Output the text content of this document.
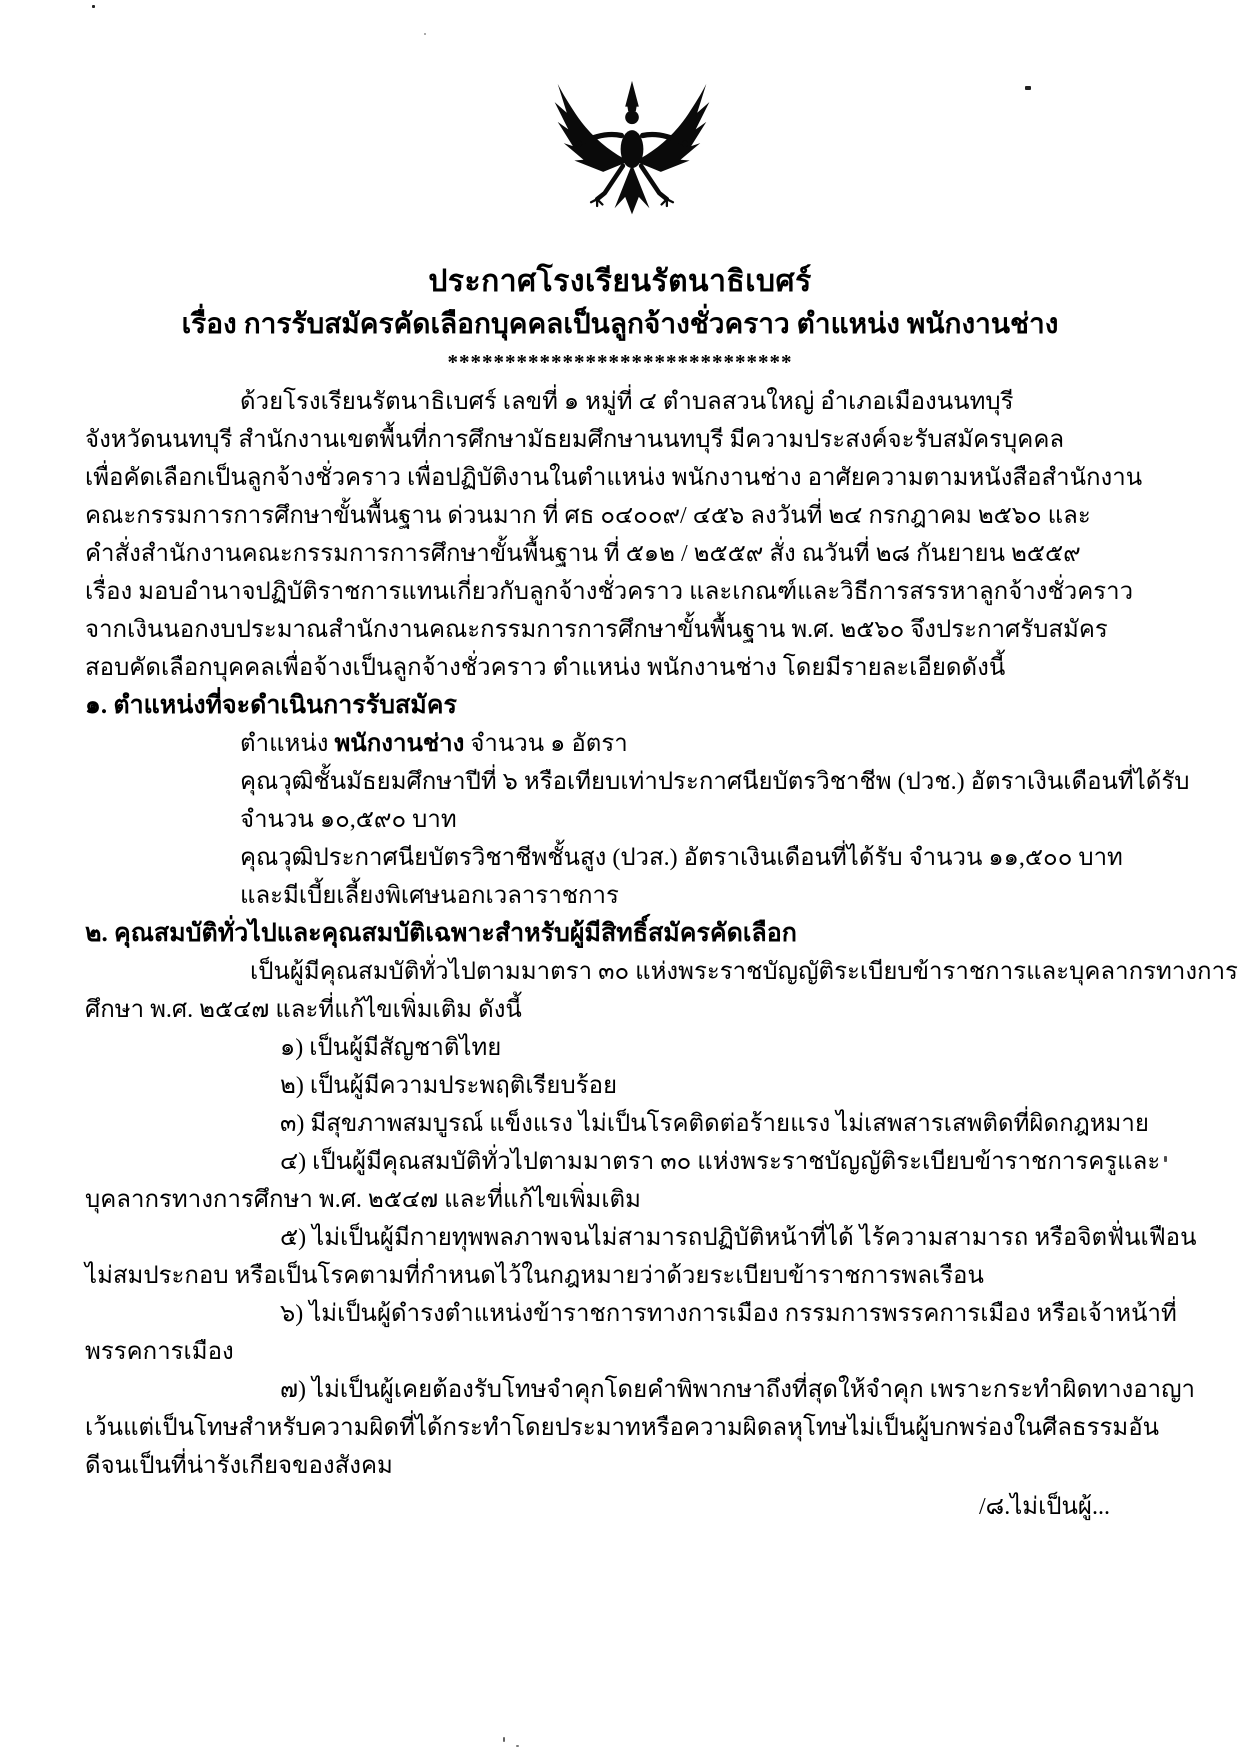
ประกาศโรงเรียนรัตนาธิเบศร์
เรื่อง การรับสมัครคัดเลือกบุคคลเป็นลูกจ้างชั่วคราว ตำแหน่ง พนักงานช่าง
******************************
ด้วยโรงเรียนรัตนาธิเบศร์ เลขที่ ๑ หมู่ที่ ๔ ตำบลสวนใหญ่ อำเภอเมืองนนทบุรี
จังหวัดนนทบุรี สำนักงานเขตพื้นที่การศึกษามัธยมศึกษานนทบุรี มีความประสงค์จะรับสมัครบุคคล
เพื่อคัดเลือกเป็นลูกจ้างชั่วคราว เพื่อปฏิบัติงานในตำแหน่ง พนักงานช่าง อาศัยความตามหนังสือสำนักงาน
คณะกรรมการการศึกษาขั้นพื้นฐาน ด่วนมาก ที่ ศธ ๐๔๐๐๙/ ๔๕๖ ลงวันที่ ๒๔ กรกฎาคม ๒๕๖๐ และ
คำสั่งสำนักงานคณะกรรมการการศึกษาขั้นพื้นฐาน ที่ ๕๑๒ / ๒๕๕๙ สั่ง ณวันที่ ๒๘ กันยายน ๒๕๕๙
เรื่อง มอบอำนาจปฏิบัติราชการแทนเกี่ยวกับลูกจ้างชั่วคราว และเกณฑ์และวิธีการสรรหาลูกจ้างชั่วคราว
จากเงินนอกงบประมาณสำนักงานคณะกรรมการการศึกษาขั้นพื้นฐาน พ.ศ. ๒๕๖๐ จึงประกาศรับสมัคร
สอบคัดเลือกบุคคลเพื่อจ้างเป็นลูกจ้างชั่วคราว ตำแหน่ง พนักงานช่าง โดยมีรายละเอียดดังนี้
๑. ตำแหน่งที่จะดำเนินการรับสมัคร
ตำแหน่ง พนักงานช่าง จำนวน ๑ อัตรา
คุณวุฒิชั้นมัธยมศึกษาปีที่ ๖ หรือเทียบเท่าประกาศนียบัตรวิชาชีพ (ปวช.) อัตราเงินเดือนที่ได้รับ
จำนวน ๑๐,๕๙๐ บาท
คุณวุฒิประกาศนียบัตรวิชาชีพชั้นสูง (ปวส.) อัตราเงินเดือนที่ได้รับ จำนวน ๑๑,๕๐๐ บาท
และมีเบี้ยเลี้ยงพิเศษนอกเวลาราชการ
๒. คุณสมบัติทั่วไปและคุณสมบัติเฉพาะสำหรับผู้มีสิทธิ์สมัครคัดเลือก
เป็นผู้มีคุณสมบัติทั่วไปตามมาตรา ๓๐ แห่งพระราชบัญญัติระเบียบข้าราชการและบุคลากรทางการ
ศึกษา พ.ศ. ๒๕๔๗ และที่แก้ไขเพิ่มเติม ดังนี้
๑) เป็นผู้มีสัญชาติไทย
๒) เป็นผู้มีความประพฤติเรียบร้อย
๓) มีสุขภาพสมบูรณ์ แข็งแรง ไม่เป็นโรคติดต่อร้ายแรง ไม่เสพสารเสพติดที่ผิดกฎหมาย
๔) เป็นผู้มีคุณสมบัติทั่วไปตามมาตรา ๓๐ แห่งพระราชบัญญัติระเบียบข้าราชการครูและ
บุคลากรทางการศึกษา พ.ศ. ๒๕๔๗ และที่แก้ไขเพิ่มเติม
๕) ไม่เป็นผู้มีกายทุพพลภาพจนไม่สามารถปฏิบัติหน้าที่ได้ ไร้ความสามารถ หรือจิตฟั่นเฟือน
ไม่สมประกอบ หรือเป็นโรคตามที่กำหนดไว้ในกฎหมายว่าด้วยระเบียบข้าราชการพลเรือน
๖) ไม่เป็นผู้ดำรงตำแหน่งข้าราชการทางการเมือง กรรมการพรรคการเมือง หรือเจ้าหน้าที่
พรรคการเมือง
๗) ไม่เป็นผู้เคยต้องรับโทษจำคุกโดยคำพิพากษาถึงที่สุดให้จำคุก เพราะกระทำผิดทางอาญา
เว้นแต่เป็นโทษสำหรับความผิดที่ได้กระทำโดยประมาทหรือความผิดลหุโทษไม่เป็นผู้บกพร่องในศีลธรรมอัน
ดีจนเป็นที่น่ารังเกียจของสังคม
/๘.ไม่เป็นผู้...
